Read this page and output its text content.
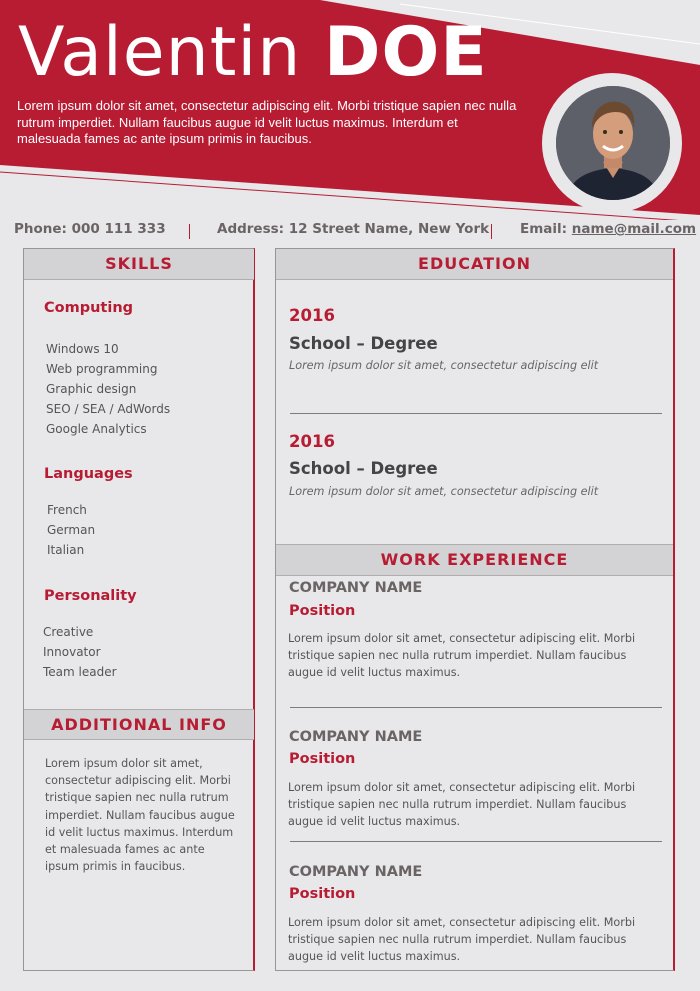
Valentin DOE
Lorem ipsum dolor sit amet, consectetur adipiscing elit. Morbi tristique sapien nec nulla rutrum imperdiet. Nullam faucibus augue id velit luctus maximus. Interdum et malesuada fames ac ante ipsum primis in faucibus.
Phone: 000 111 333	Address: 12 Street Name, New York Email: name@mail.com
SKILLS
Computing
Windows 10
Web programming
Graphic design
SEO / SEA / AdWords
Google Analytics
Languages
French
German
Italian
Personality
Creative
Innovator
Team leader
ADDITIONAL INFO
Lorem ipsum dolor sit amet, consectetur adipiscing elit. Morbi tristique sapien nec nulla rutrum imperdiet. Nullam faucibus augue id velit luctus maximus. Interdum et malesuada fames ac ante ipsum primis in faucibus.
EDUCATION
2016
School – Degree
Lorem ipsum dolor sit amet, consectetur adipiscing elit
2016
School – Degree
Lorem ipsum dolor sit amet, consectetur adipiscing elit
WORK EXPERIENCE
COMPANY NAME
Position
Lorem ipsum dolor sit amet, consectetur adipiscing elit. Morbi tristique sapien nec nulla rutrum imperdiet. Nullam faucibus augue id velit luctus maximus.
COMPANY NAME
Position
Lorem ipsum dolor sit amet, consectetur adipiscing elit. Morbi tristique sapien nec nulla rutrum imperdiet. Nullam faucibus augue id velit luctus maximus.
COMPANY NAME
Position
Lorem ipsum dolor sit amet, consectetur adipiscing elit. Morbi tristique sapien nec nulla rutrum imperdiet. Nullam faucibus augue id velit luctus maximus.
